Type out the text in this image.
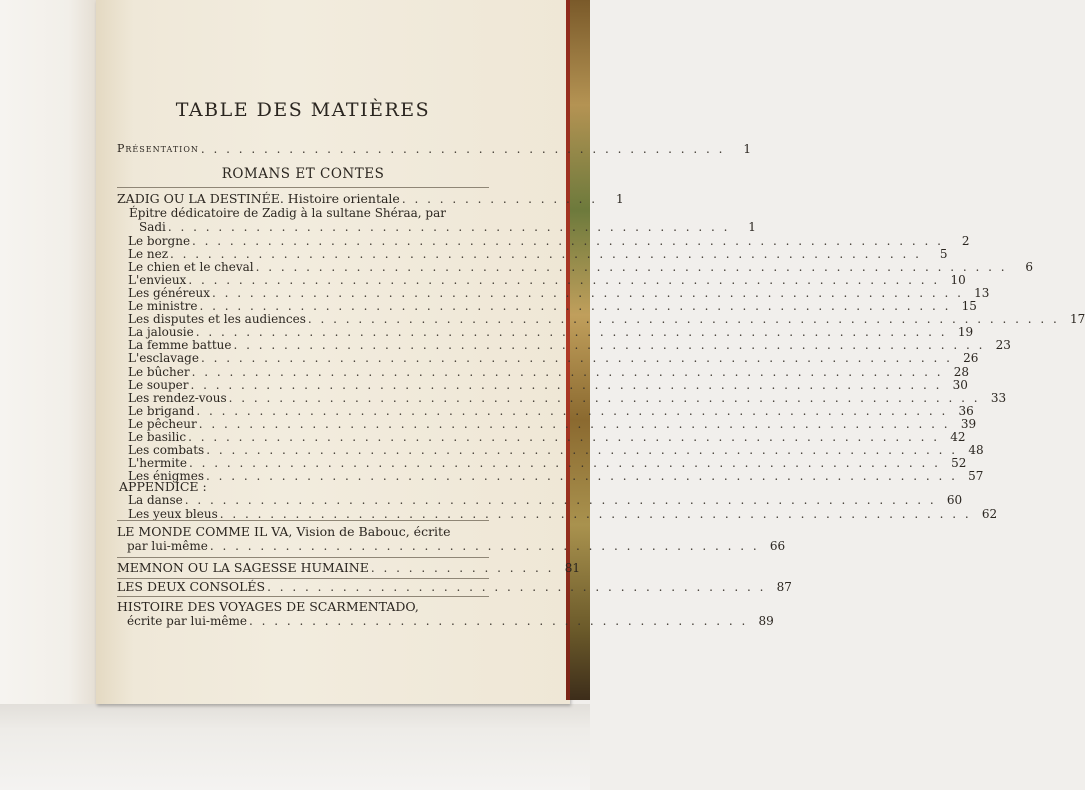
TABLE DES MATIÈRES
Présentation . . . . . . . . . . . . . . . . . . . . . . . . . . . . . . . . . . . . . . . . . .	1
ROMANS ET CONTES
ZADIG OU LA DESTINÉE. Histoire orientale . . . . . . . . . . . . . . . .	1
Épitre dédicatoire de Zadig à la sultane Shéraa, par
Sadi . . . . . . . . . . . . . . . . . . . . . . . . . . . . . . . . . . . . . . . . . . . . .	1
Le borgne . . . . . . . . . . . . . . . . . . . . . . . . . . . . . . . . . . . . . . . . . . . . . . . . . . . . . . . . . . . .	2
Le nez . . . . . . . . . . . . . . . . . . . . . . . . . . . . . . . . . . . . . . . . . . . . . . . . . . . . . . . . . . . .	5
Le chien et le cheval . . . . . . . . . . . . . . . . . . . . . . . . . . . . . . . . . . . . . . . . . . . . . . . . . . . . . . . . . . . .	6
L'envieux . . . . . . . . . . . . . . . . . . . . . . . . . . . . . . . . . . . . . . . . . . . . . . . . . . . . . . . . . . . . 10
Les généreux . . . . . . . . . . . . . . . . . . . . . . . . . . . . . . . . . . . . . . . . . . . . . . . . . . . . . . . . . . . . 13
Le ministre . . . . . . . . . . . . . . . . . . . . . . . . . . . . . . . . . . . . . . . . . . . . . . . . . . . . . . . . . . . . 15
Les disputes et les audiences . . . . . . . . . . . . . . . . . . . . . . . . . . . . . . . . . . . . . . . . . . . . . . . . . . . . . . . . . . . . 17
La jalousie . . . . . . . . . . . . . . . . . . . . . . . . . . . . . . . . . . . . . . . . . . . . . . . . . . . . . . . . . . . . 19
La femme battue . . . . . . . . . . . . . . . . . . . . . . . . . . . . . . . . . . . . . . . . . . . . . . . . . . . . . . . . . . . . 23
L'esclavage . . . . . . . . . . . . . . . . . . . . . . . . . . . . . . . . . . . . . . . . . . . . . . . . . . . . . . . . . . . . 26
Le bûcher . . . . . . . . . . . . . . . . . . . . . . . . . . . . . . . . . . . . . . . . . . . . . . . . . . . . . . . . . . . . 28
Le souper . . . . . . . . . . . . . . . . . . . . . . . . . . . . . . . . . . . . . . . . . . . . . . . . . . . . . . . . . . . . 30
Les rendez-vous . . . . . . . . . . . . . . . . . . . . . . . . . . . . . . . . . . . . . . . . . . . . . . . . . . . . . . . . . . . . 33
Le brigand . . . . . . . . . . . . . . . . . . . . . . . . . . . . . . . . . . . . . . . . . . . . . . . . . . . . . . . . . . . . 36
Le pêcheur . . . . . . . . . . . . . . . . . . . . . . . . . . . . . . . . . . . . . . . . . . . . . . . . . . . . . . . . . . . . 39
Le basilic . . . . . . . . . . . . . . . . . . . . . . . . . . . . . . . . . . . . . . . . . . . . . . . . . . . . . . . . . . . . 42
Les combats . . . . . . . . . . . . . . . . . . . . . . . . . . . . . . . . . . . . . . . . . . . . . . . . . . . . . . . . . . . . 48
L'hermite . . . . . . . . . . . . . . . . . . . . . . . . . . . . . . . . . . . . . . . . . . . . . . . . . . . . . . . . . . . . 52
Les énigmes . . . . . . . . . . . . . . . . . . . . . . . . . . . . . . . . . . . . . . . . . . . . . . . . . . . . . . . . . . . . 57
APPENDICE :
La danse . . . . . . . . . . . . . . . . . . . . . . . . . . . . . . . . . . . . . . . . . . . . . . . . . . . . . . . . . . . . 60
Les yeux bleus . . . . . . . . . . . . . . . . . . . . . . . . . . . . . . . . . . . . . . . . . . . . . . . . . . . . . . . . . . . . 62
LE MONDE COMME IL VA, Vision de Babouc, écrite
par lui-même . . . . . . . . . . . . . . . . . . . . . . . . . . . . . . . . . . . . . . . . . . . . 66
MEMNON OU LA SAGESSE HUMAINE . . . . . . . . . . . . . . . 81
LES DEUX CONSOLÉS . . . . . . . . . . . . . . . . . . . . . . . . . . . . . . . . . . . . . . . . 87
HISTOIRE DES VOYAGES DE SCARMENTADO,
écrite par lui-même . . . . . . . . . . . . . . . . . . . . . . . . . . . . . . . . . . . . . . . . 89
